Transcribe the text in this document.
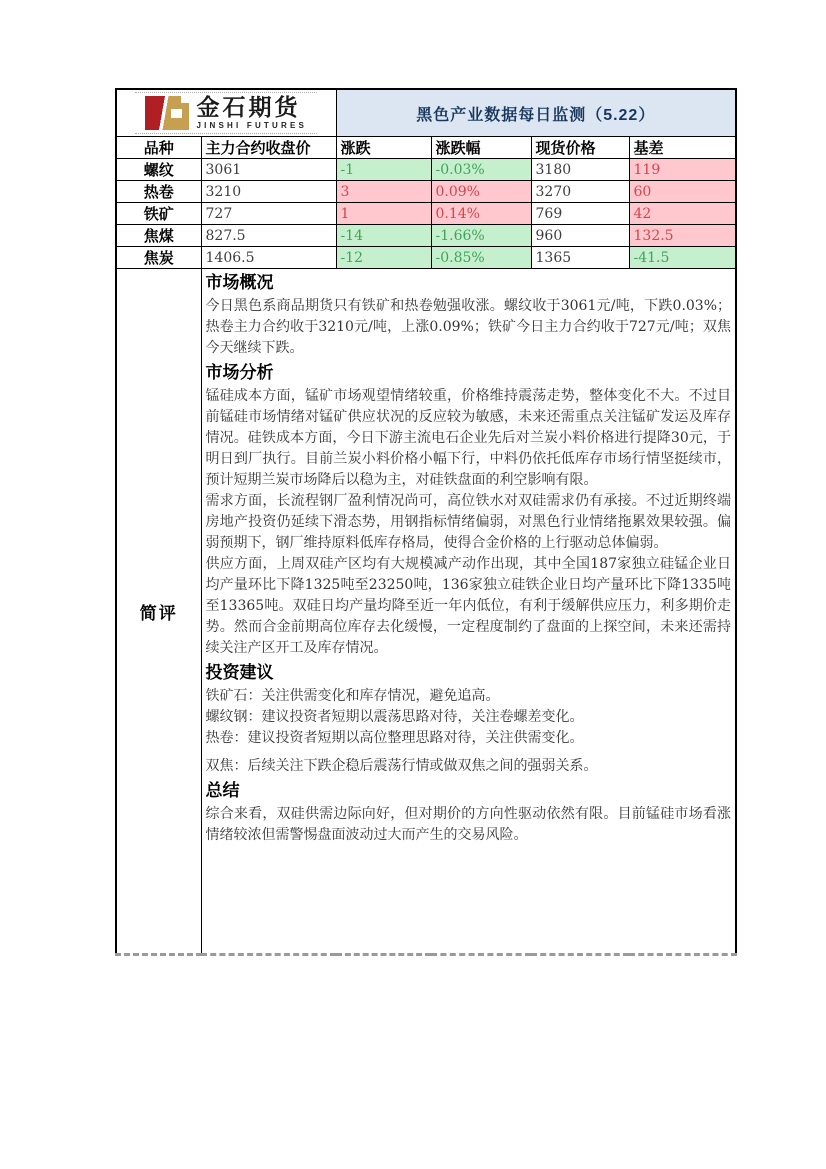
金石期货
JINSHI FUTURES		黑色产业数据每日监测（5.22）			
品种	主力合约收盘价	涨跌	涨跌幅	现货价格	基差
螺纹	3061	-1	-0.03%	3180	119
热卷	3210	3	0.09%	3270	60
铁矿	727	1	0.14%	769	42
焦煤	827.5	-14	-1.66%	960	132.5
焦炭	1406.5	-12	-0.85%	1365	-41.5
简评	
市场概况

今日黑色系商品期货只有铁矿和热卷勉强收涨。螺纹收于3061元/吨，下跌0.03%；热卷主力合约收于3210元/吨，上涨0.09%；铁矿今日主力合约收于727元/吨；双焦今天继续下跌。

市场分析

锰硅成本方面，锰矿市场观望情绪较重，价格维持震荡走势，整体变化不大。不过目前锰硅市场情绪对锰矿供应状况的反应较为敏感，未来还需重点关注锰矿发运及库存情况。硅铁成本方面，今日下游主流电石企业先后对兰炭小料价格进行提降30元，于明日到厂执行。目前兰炭小料价格小幅下行，中料仍依托低库存市场行情坚挺续市，预计短期兰炭市场降后以稳为主，对硅铁盘面的利空影响有限。

需求方面，长流程钢厂盈利情况尚可，高位铁水对双硅需求仍有承接。不过近期终端房地产投资仍延续下滑态势，用钢指标情绪偏弱，对黑色行业情绪拖累效果较强。偏弱预期下，钢厂维持原料低库存格局，使得合金价格的上行驱动总体偏弱。

供应方面，上周双硅产区均有大规模减产动作出现，其中全国187家独立硅锰企业日均产量环比下降1325吨至23250吨，136家独立硅铁企业日均产量环比下降1335吨至13365吨。双硅日均产量均降至近一年内低位，有利于缓解供应压力，利多期价走势。然而合金前期高位库存去化缓慢，一定程度制约了盘面的上探空间，未来还需持续关注产区开工及库存情况。

投资建议

铁矿石：关注供需变化和库存情况，避免追高。

螺纹钢：建议投资者短期以震荡思路对待，关注卷螺差变化。

热卷：建议投资者短期以高位整理思路对待，关注供需变化。

双焦：后续关注下跌企稳后震荡行情或做双焦之间的强弱关系。

总结

综合来看，双硅供需边际向好，但对期价的方向性驱动依然有限。目前锰硅市场看涨情绪较浓但需警惕盘面波动过大而产生的交易风险。
